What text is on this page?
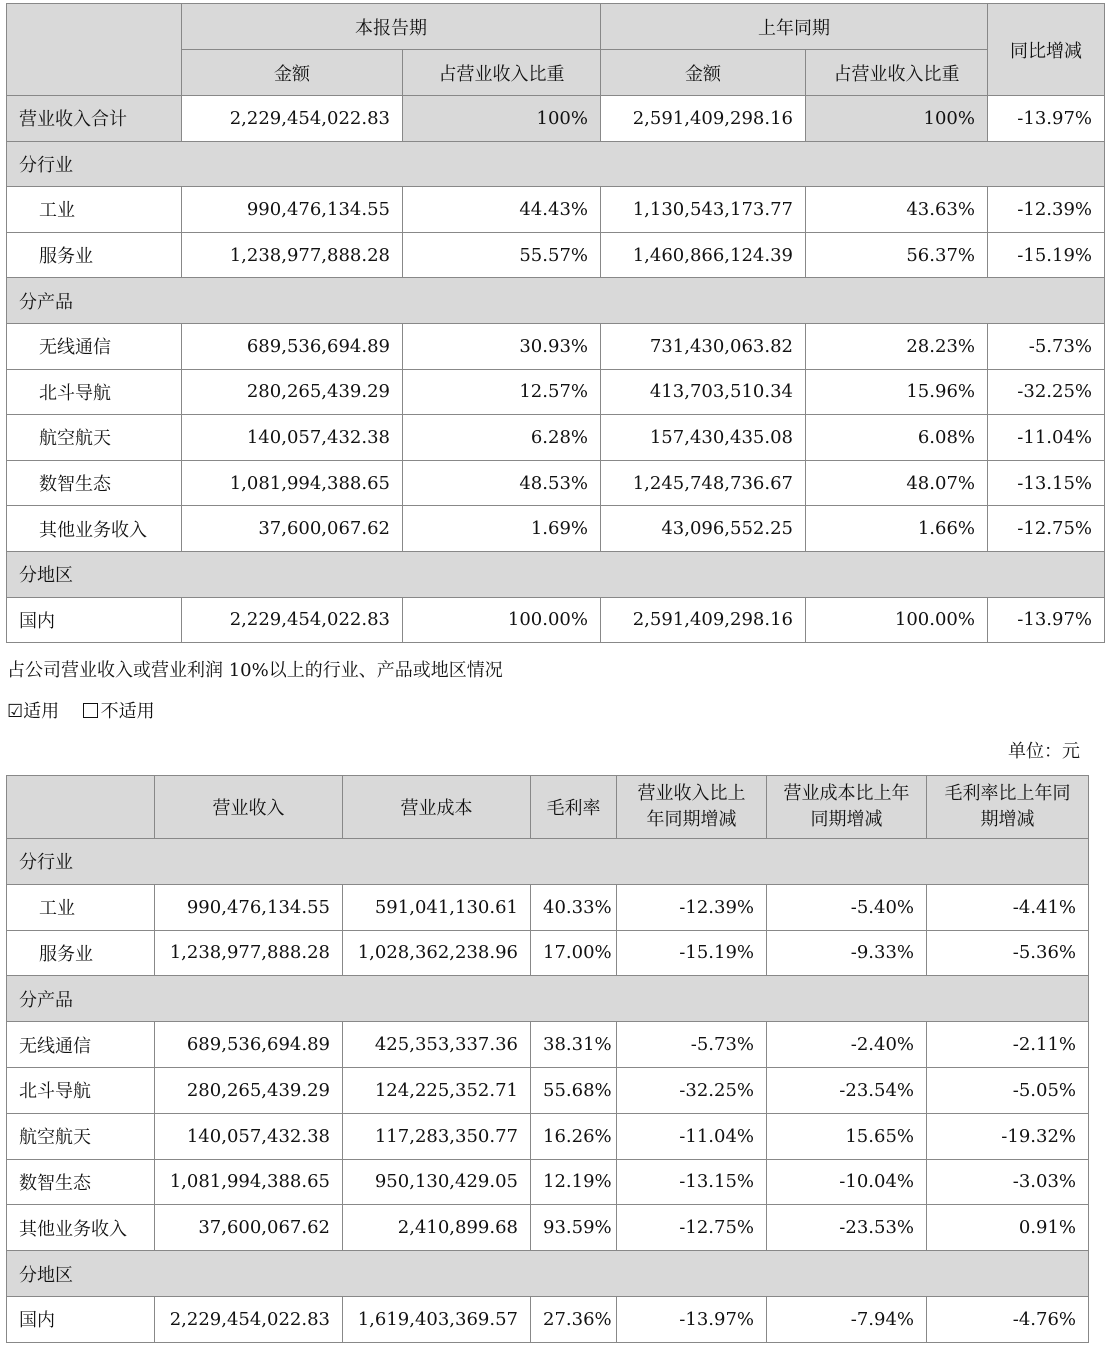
	本报告期		上年同期		同比增减
	金额	占营业收入比重	金额	占营业收入比重	
营业收入合计	2,229,454,022.83	100%	2,591,409,298.16	100%	-13.97%
分行业					
工业	990,476,134.55	44.43%	1,130,543,173.77	43.63%	-12.39%
服务业	1,238,977,888.28	55.57%	1,460,866,124.39	56.37%	-15.19%
分产品					
无线通信	689,536,694.89	30.93%	731,430,063.82	28.23%	-5.73%
北斗导航	280,265,439.29	12.57%	413,703,510.34	15.96%	-32.25%
航空航天	140,057,432.38	6.28%	157,430,435.08	6.08%	-11.04%
数智生态	1,081,994,388.65	48.53%	1,245,748,736.67	48.07%	-13.15%
其他业务收入	37,600,067.62	1.69%	43,096,552.25	1.66%	-12.75%
分地区					
国内	2,229,454,022.83	100.00%	2,591,409,298.16	100.00%	-13.97%
占公司营业收入或营业利润 10%以上的行业、产品或地区情况
☑适用 不适用
单位：元
	营业收入	营业成本	毛利率	营业收入比上年同期增减	营业成本比上年同期增减	毛利率比上年同期增减
分行业						
工业	990,476,134.55	591,041,130.61	40.33%	-12.39%	-5.40%	-4.41%
服务业	1,238,977,888.28	1,028,362,238.96	17.00%	-15.19%	-9.33%	-5.36%
分产品						
无线通信	689,536,694.89	425,353,337.36	38.31%	-5.73%	-2.40%	-2.11%
北斗导航	280,265,439.29	124,225,352.71	55.68%	-32.25%	-23.54%	-5.05%
航空航天	140,057,432.38	117,283,350.77	16.26%	-11.04%	15.65%	-19.32%
数智生态	1,081,994,388.65	950,130,429.05	12.19%	-13.15%	-10.04%	-3.03%
其他业务收入	37,600,067.62	2,410,899.68	93.59%	-12.75%	-23.53%	0.91%
分地区						
国内	2,229,454,022.83	1,619,403,369.57	27.36%	-13.97%	-7.94%	-4.76%
